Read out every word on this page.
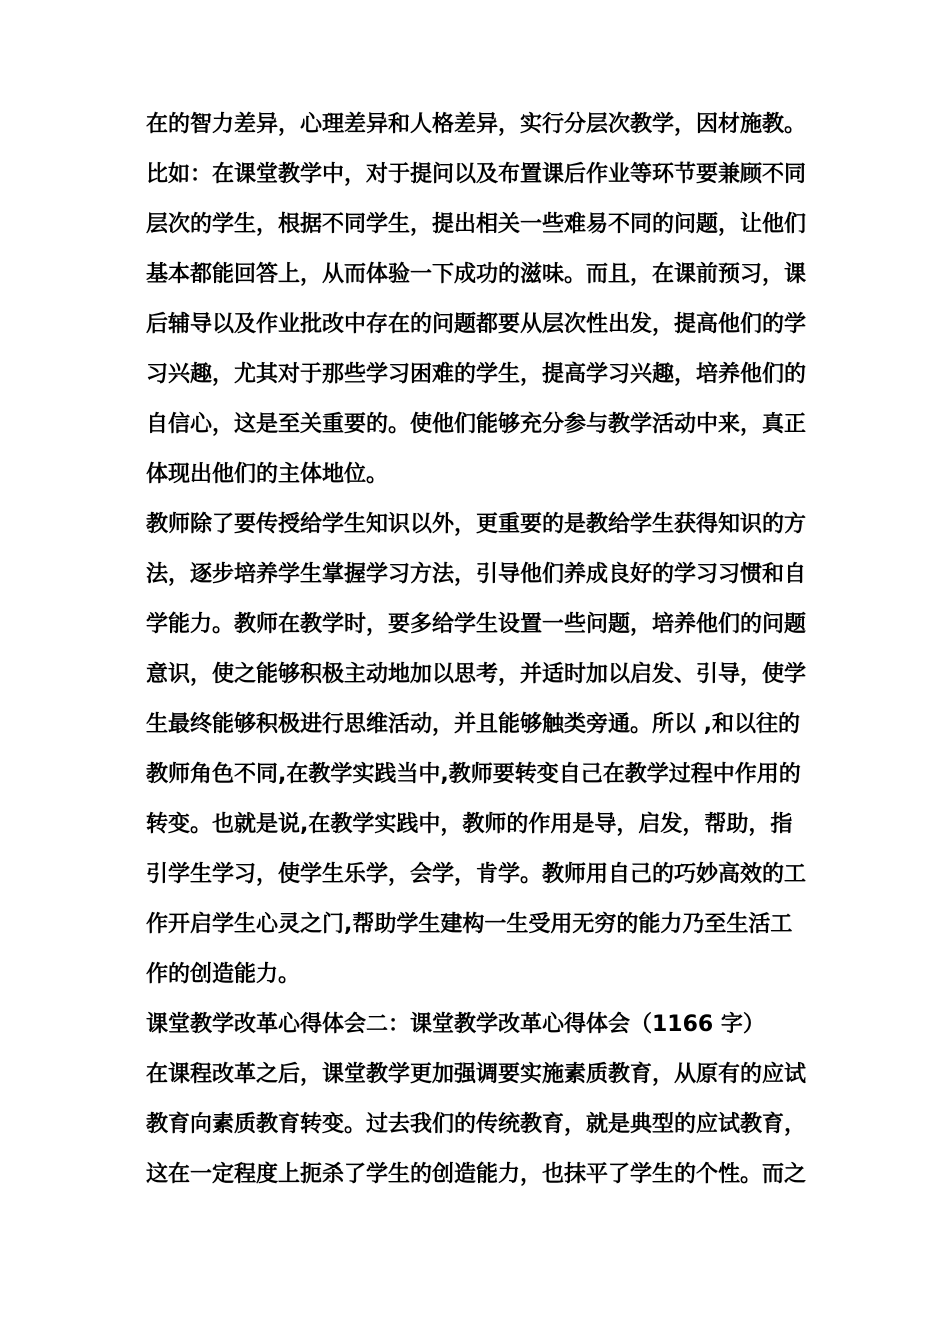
在的智力差异，心理差异和人格差异，实行分层次教学，因材施教。
比如：在课堂教学中，对于提问以及布置课后作业等环节要兼顾不同
层次的学生，根据不同学生，提出相关一些难易不同的问题，让他们
基本都能回答上，从而体验一下成功的滋味。而且，在课前预习，课
后辅导以及作业批改中存在的问题都要从层次性出发，提高他们的学
习兴趣，尤其对于那些学习困难的学生，提高学习兴趣，培养他们的
自信心，这是至关重要的。使他们能够充分参与教学活动中来，真正
体现出他们的主体地位。
教师除了要传授给学生知识以外，更重要的是教给学生获得知识的方
法，逐步培养学生掌握学习方法，引导他们养成良好的学习习惯和自
学能力。教师在教学时，要多给学生设置一些问题，培养他们的问题
意识，使之能够积极主动地加以思考，并适时加以启发、引导，使学
生最终能够积极进行思维活动，并且能够触类旁通。所以 ,和以往的
教师角色不同,在教学实践当中,教师要转变自己在教学过程中作用的
转变。也就是说,在教学实践中，教师的作用是导，启发，帮助，指
引学生学习，使学生乐学，会学，肯学。教师用自己的巧妙高效的工
作开启学生心灵之门,帮助学生建构一生受用无穷的能力乃至生活工
作的创造能力。
课堂教学改革心得体会二：课堂教学改革心得体会（1166 字）
在课程改革之后，课堂教学更加强调要实施素质教育，从原有的应试
教育向素质教育转变。过去我们的传统教育，就是典型的应试教育，
这在一定程度上扼杀了学生的创造能力，也抹平了学生的个性。而之
